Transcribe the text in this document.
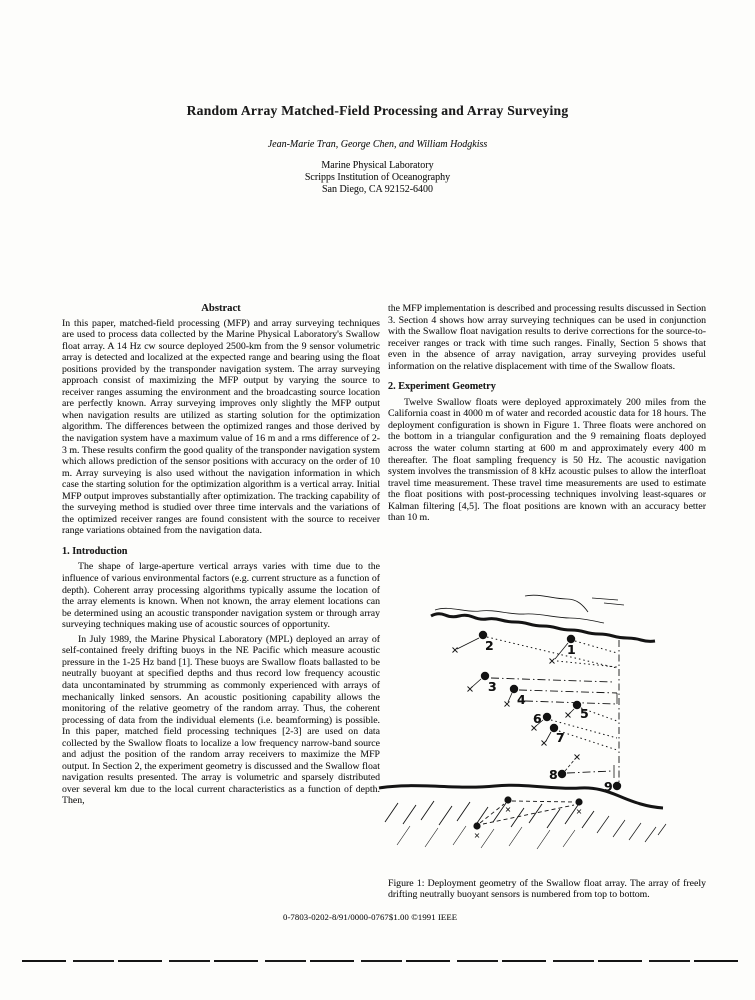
Random Array Matched-Field Processing and Array Surveying
Jean-Marie Tran, George Chen, and William Hodgkiss
Marine Physical Laboratory
Scripps Institution of Oceanography
San Diego, CA 92152-6400
Abstract

In this paper, matched-field processing (MFP) and array surveying techniques are used to process data collected by the Marine Physical Laboratory's Swallow float array. A 14 Hz cw source deployed 2500-km from the 9 sensor volumetric array is detected and localized at the expected range and bearing using the float positions provided by the transponder navigation system. The array surveying approach consist of maximizing the MFP output by varying the source to receiver ranges assuming the environment and the broadcasting source location are perfectly known. Array surveying improves only slightly the MFP output when navigation results are utilized as starting solution for the optimization algorithm. The differences between the optimized ranges and those derived by the navigation system have a maximum value of 16 m and a rms difference of 2-3 m. These results confirm the good quality of the transponder navigation system which allows prediction of the sensor positions with accuracy on the order of 10 m. Array surveying is also used without the navigation information in which case the starting solution for the optimization algorithm is a vertical array. Initial MFP output improves substantially after optimization. The tracking capability of the surveying method is studied over three time intervals and the variations of the optimized receiver ranges are found consistent with the source to receiver range variations obtained from the navigation data.

1. Introduction

The shape of large-aperture vertical arrays varies with time due to the influence of various environmental factors (e.g. current structure as a function of depth). Coherent array processing algorithms typically assume the location of the array elements is known. When not known, the array element locations can be determined using an acoustic transponder navigation system or through array surveying techniques making use of acoustic sources of opportunity.

In July 1989, the Marine Physical Laboratory (MPL) deployed an array of self-contained freely drifting buoys in the NE Pacific which measure acoustic pressure in the 1-25 Hz band [1]. These buoys are Swallow floats ballasted to be neutrally buoyant at specified depths and thus record low frequency acoustic data uncontaminated by strumming as commonly experienced with arrays of mechanically linked sensors. An acoustic positioning capability allows the monitoring of the relative geometry of the random array. Thus, the coherent processing of data from the individual elements (i.e. beamforming) is possible. In this paper, matched field processing techniques [2-3] are used on data collected by the Swallow floats to localize a low frequency narrow-band source and adjust the position of the random array receivers to maximize the MFP output. In Section 2, the experiment geometry is discussed and the Swallow float navigation results presented. The array is volumetric and sparsely distributed over several km due to the local current characteristics as a function of depth. Then,

the MFP implementation is described and processing results discussed in Section 3. Section 4 shows how array surveying techniques can be used in conjunction with the Swallow float navigation results to derive corrections for the source-to-receiver ranges or track with time such ranges. Finally, Section 5 shows that even in the absence of array navigation, array surveying provides useful information on the relative displacement with time of the Swallow floats.

2. Experiment Geometry

Twelve Swallow floats were deployed approximately 200 miles from the California coast in 4000 m of water and recorded acoustic data for 18 hours. The deployment configuration is shown in Figure 1. Three floats were anchored on the bottom in a triangular configuration and the 9 remaining floats deployed across the water column starting at 600 m and approximately every 400 m thereafter. The float sampling frequency is 50 Hz. The acoustic navigation system involves the transmission of 8 kHz acoustic pulses to allow the interfloat travel time measurement. These travel time measurements are used to estimate the float positions with post-processing techniques involving least-squares or Kalman filtering [4,5]. The float positions are known with an accuracy better than 10 m.

1
2
3
4
5
6
7
8
9
Figure 1: Deployment geometry of the Swallow float array. The array of freely drifting neutrally buoyant sensors is numbered from top to bottom.
0-7803-0202-8/91/0000-0767$1.00 ©1991 IEEE
